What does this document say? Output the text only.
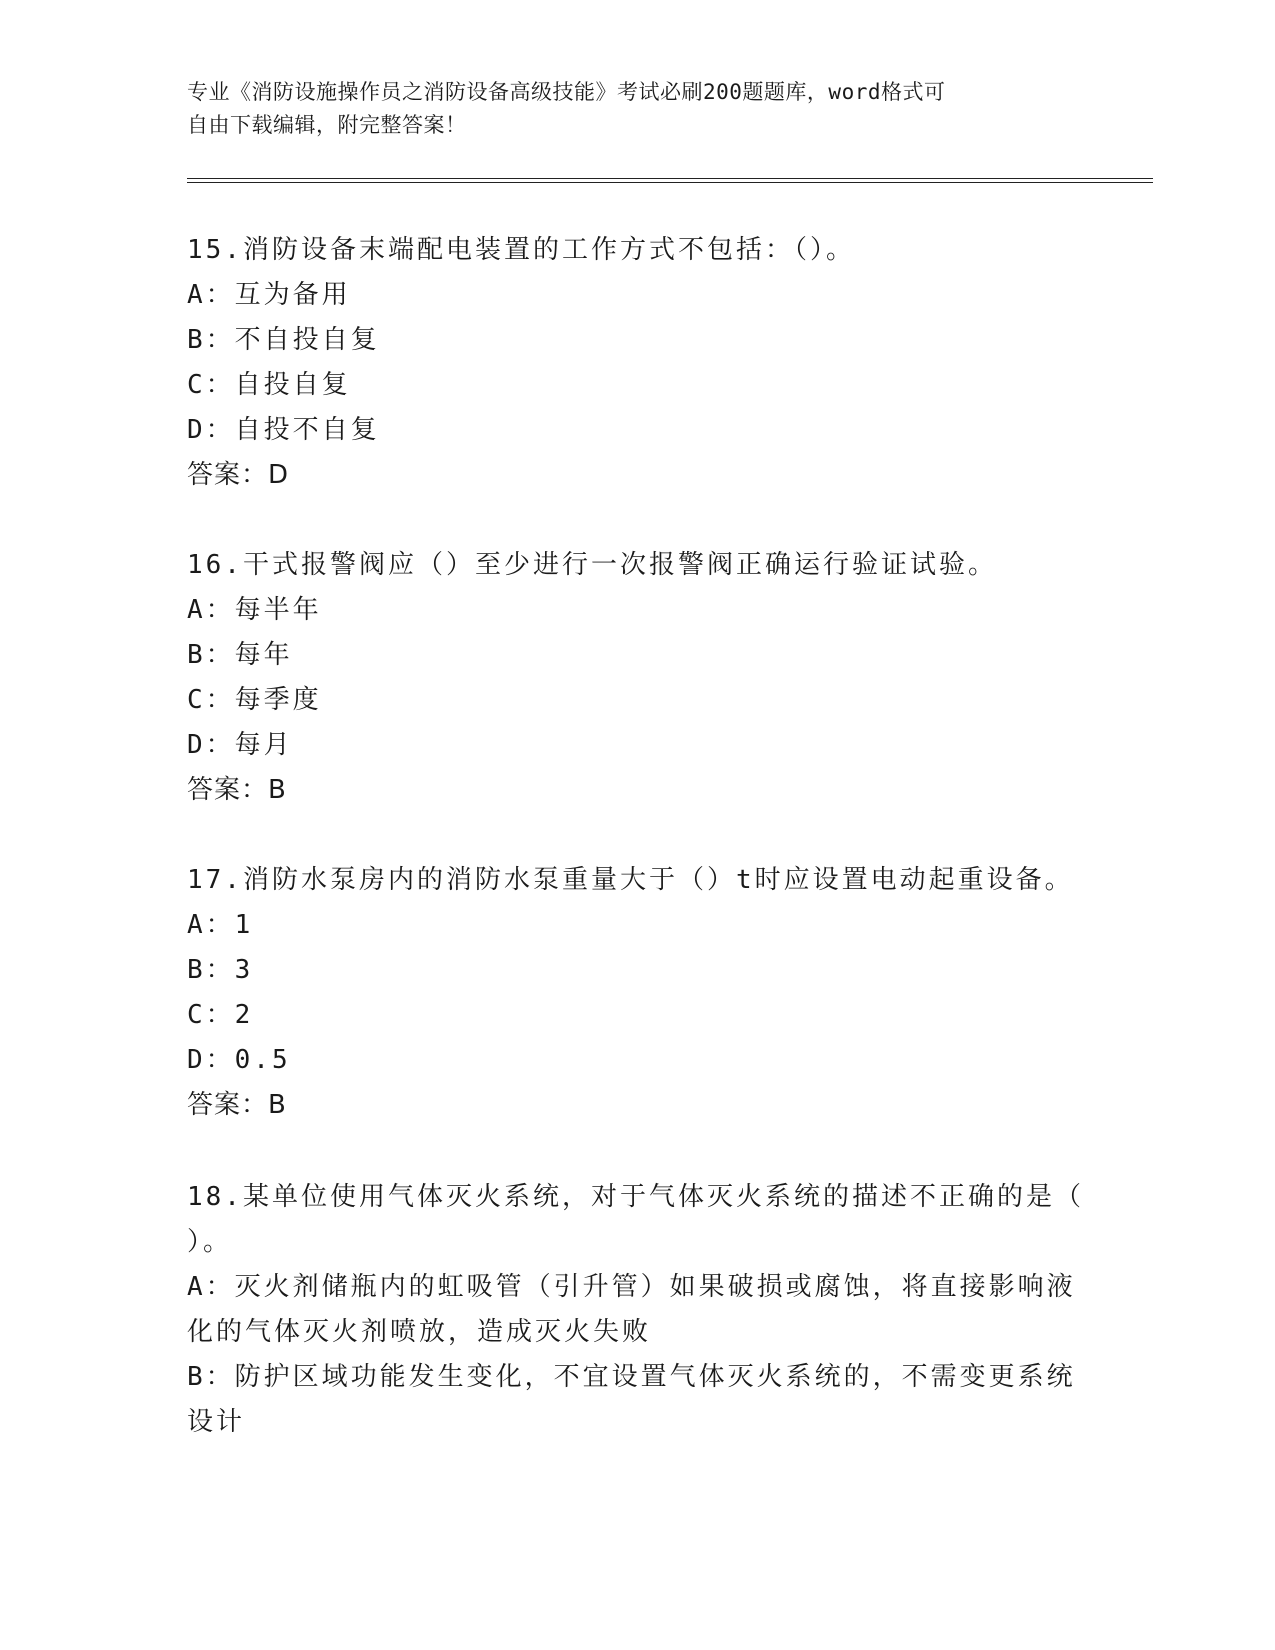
专业《消防设施操作员之消防设备高级技能》考试必刷200题题库，word格式可
自由下载编辑，附完整答案！
15.消防设备末端配电装置的工作方式不包括：（）。
A：互为备用
B：不自投自复
C：自投自复
D：自投不自复
答案：D
16.干式报警阀应（）至少进行一次报警阀正确运行验证试验。
A：每半年
B：每年
C：每季度
D：每月
答案：B
17.消防水泵房内的消防水泵重量大于（）t时应设置电动起重设备。
A：1
B：3
C：2
D：0.5
答案：B
18.某单位使用气体灭火系统，对于气体灭火系统的描述不正确的是（
）。
A：灭火剂储瓶内的虹吸管（引升管）如果破损或腐蚀，将直接影响液
化的气体灭火剂喷放，造成灭火失败
B：防护区域功能发生变化，不宜设置气体灭火系统的，不需变更系统
设计
